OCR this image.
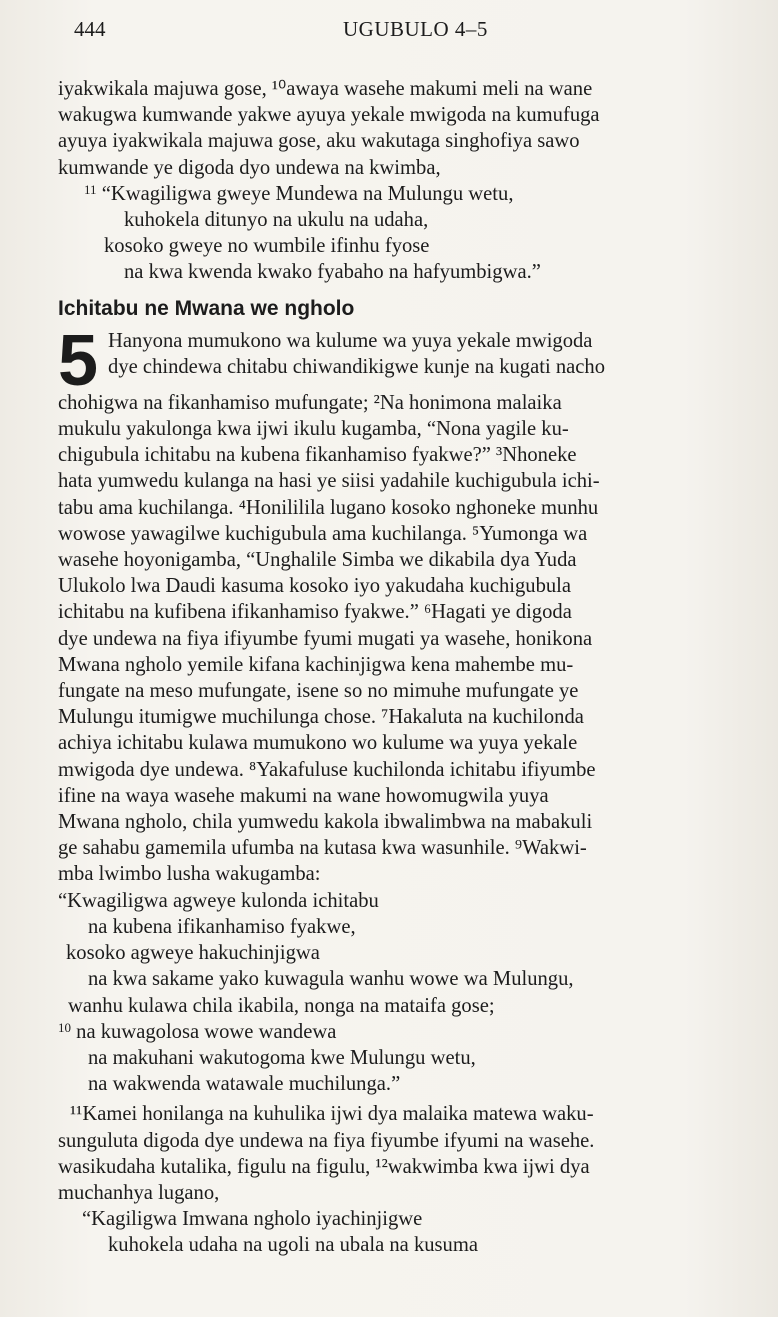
444	UGUBULO 4–5
iyakwikala majuwa gose, ¹⁰awaya wasehe makumi meli na wane
wakugwa kumwande yakwe ayuya yekale mwigoda na kumufuga
ayuya iyakwikala majuwa gose, aku wakutaga singhofiya sawo
kumwande ye digoda dyo undewa na kwimba,
$^{11}$ “Kwagiligwa gweye Mundewa na Mulungu wetu,
kuhokela ditunyo na ukulu na udaha,
kosoko gweye no wumbile ifinhu fyose
na kwa kwenda kwako fyabaho na hafyumbigwa.”
Ichitabu ne Mwana we ngholo
5 Hanyona mumukono wa kulume wa yuya yekale mwigoda
dye chindewa chitabu chiwandikigwe kunje na kugati nacho
chohigwa na fikanhamiso mufungate; ²Na honimona malaika
mukulu yakulonga kwa ijwi ikulu kugamba, “Nona yagile ku-
chigubula ichitabu na kubena fikanhamiso fyakwe?” ³Nhoneke
hata yumwedu kulanga na hasi ye siisi yadahile kuchigubula ichi-
tabu ama kuchilanga. ⁴Honililila lugano kosoko nghoneke munhu
wowose yawagilwe kuchigubula ama kuchilanga. ⁵Yumonga wa
wasehe hoyonigamba, “Unghalile Simba we dikabila dya Yuda
Ulukolo lwa Daudi kasuma kosoko iyo yakudaha kuchigubula
ichitabu na kufibena ifikanhamiso fyakwe.” ⁶Hagati ye digoda
dye undewa na fiya ifiyumbe fyumi mugati ya wasehe, honikona
Mwana ngholo yemile kifana kachinjigwa kena mahembe mu-
fungate na meso mufungate, isene so no mimuhe mufungate ye
Mulungu itumigwe muchilunga chose. ⁷Hakaluta na kuchilonda
achiya ichitabu kulawa mumukono wo kulume wa yuya yekale
mwigoda dye undewa. ⁸Yakafuluse kuchilonda ichitabu ifiyumbe
ifine na waya wasehe makumi na wane howomugwila yuya
Mwana ngholo, chila yumwedu kakola ibwalimbwa na mabakuli
ge sahabu gamemila ufumba na kutasa kwa wasunhile. ⁹Wakwi-
mba lwimbo lusha wakugamba:
“Kwagiligwa agweye kulonda ichitabu
na kubena ifikanhamiso fyakwe,
kosoko agweye hakuchinjigwa
na kwa sakame yako kuwagula wanhu wowe wa Mulungu,
wanhu kulawa chila ikabila, nonga na mataifa gose;
$^{10}$ na kuwagolosa wowe wandewa
na makuhani wakutogoma kwe Mulungu wetu,
na wakwenda watawale muchilunga.”
¹¹Kamei honilanga na kuhulika ijwi dya malaika matewa waku-
sunguluta digoda dye undewa na fiya fiyumbe ifyumi na wasehe.
wasikudaha kutalika, figulu na figulu, ¹²wakwimba kwa ijwi dya
muchanhya lugano,
“Kagiligwa Imwana ngholo iyachinjigwe
kuhokela udaha na ugoli na ubala na kusuma
